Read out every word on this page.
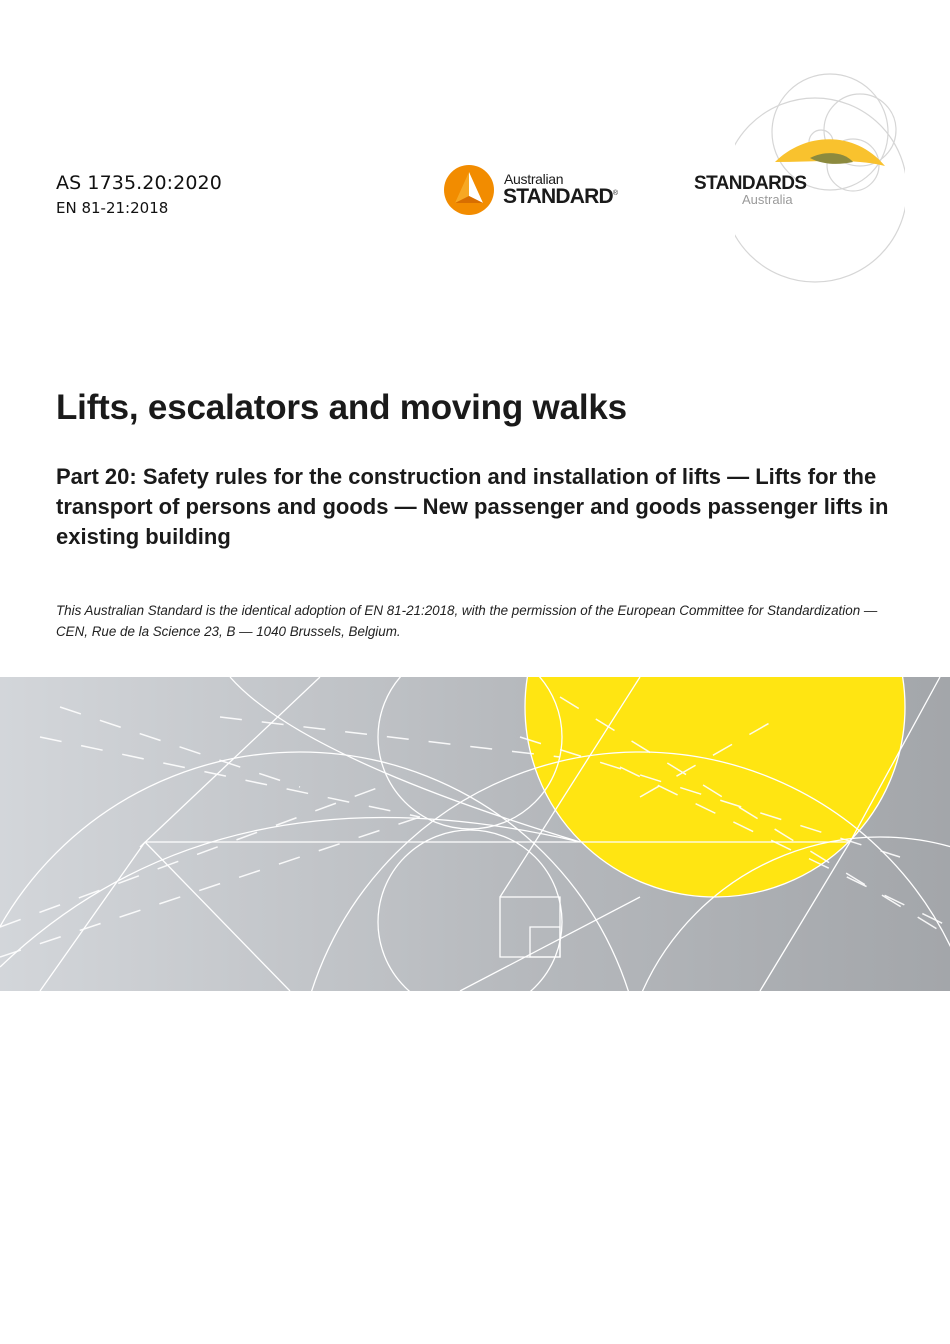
AS 1735.20:2020
EN 81-21:2018
Australian
STANDARD®	STANDARDS
Australia
Lifts, escalators and moving walks
Part 20: Safety rules for the construction and installation of lifts — Lifts for the transport of persons and goods — New passenger and goods passenger lifts in existing building

This Australian Standard is the identical adoption of EN 81-21:2018, with the permission of the European Committee for Standardization — CEN, Rue de la Science 23, B — 1040 Brussels, Belgium.
